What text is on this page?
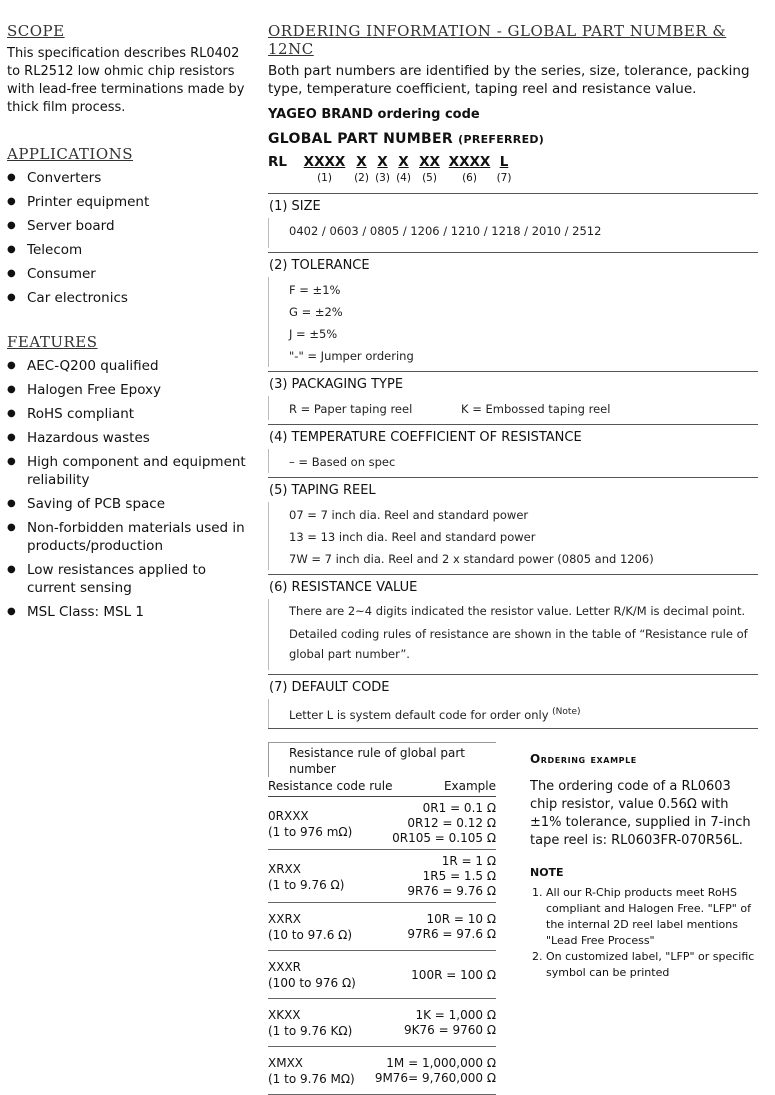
SCOPE

This specification describes RL0402 to RL2512 low ohmic chip resistors with lead-free terminations made by thick film process.

APPLICATIONS
● Converters
● Printer equipment
● Server board
● Telecom
● Consumer
● Car electronics
FEATURES
● AEC-Q200 qualified
● Halogen Free Epoxy
● RoHS compliant
● Hazardous wastes
● High component and equipment reliability
● Saving of PCB space
● Non-forbidden materials used in products/production
● Low resistances applied to current sensing
● MSL Class: MSL 1
ORDERING INFORMATION - GLOBAL PART NUMBER & 12NC

Both part numbers are identified by the series, size, tolerance, packing type, temperature coefficient, taping reel and resistance value.

YAGEO BRAND ordering code
GLOBAL PART NUMBER (PREFERRED)
RL	XXXX
(1)
X
(2)
X
(3)
X
(4)
XX
(5)
XXXX
(6)
L
(7)
(1) SIZE
0402 / 0603 / 0805 / 1206 / 1210 / 1218 / 2010 / 2512
(2) TOLERANCE
F = ±1%
G = ±2%
J = ±5%
"-" = Jumper ordering
(3) PACKAGING TYPE
R = Paper taping reel	K = Embossed taping reel
(4) TEMPERATURE COEFFICIENT OF RESISTANCE
– = Based on spec
(5) TAPING REEL
07 = 7 inch dia. Reel and standard power
13 = 13 inch dia. Reel and standard power
7W = 7 inch dia. Reel and 2 x standard power (0805 and 1206)
(6) RESISTANCE VALUE
There are 2~4 digits indicated the resistor value. Letter R/K/M is decimal point.
Detailed coding rules of resistance are shown in the table of “Resistance rule of global part number”.
(7) DEFAULT CODE
Letter L is system default code for order only $^{(Note)}$
Resistance rule of global part number
Resistance code rule	Example
0RXXX
(1 to 976 mΩ)
0R1 = 0.1 Ω
0R12 = 0.12 Ω
0R105 = 0.105 Ω
XRXX
(1 to 9.76 Ω)
1R = 1 Ω
1R5 = 1.5 Ω
9R76 = 9.76 Ω
XXRX
(10 to 97.6 Ω)
10R = 10 Ω
97R6 = 97.6 Ω
XXXR
(100 to 976 Ω)
100R = 100 Ω
XKXX
(1 to 9.76 KΩ)
1K = 1,000 Ω
9K76 = 9760 Ω
XMXX
(1 to 9.76 MΩ)
1M = 1,000,000 Ω
9M76= 9,760,000 Ω
Ordering example
The ordering code of a RL0603 chip resistor, value 0.56Ω with ±1% tolerance, supplied in 7-inch tape reel is: RL0603FR-070R56L.
NOTE
1. All our R-Chip products meet RoHS compliant and Halogen Free. "LFP" of the internal 2D reel label mentions "Lead Free Process"
2. On customized label, "LFP" or specific symbol can be printed
